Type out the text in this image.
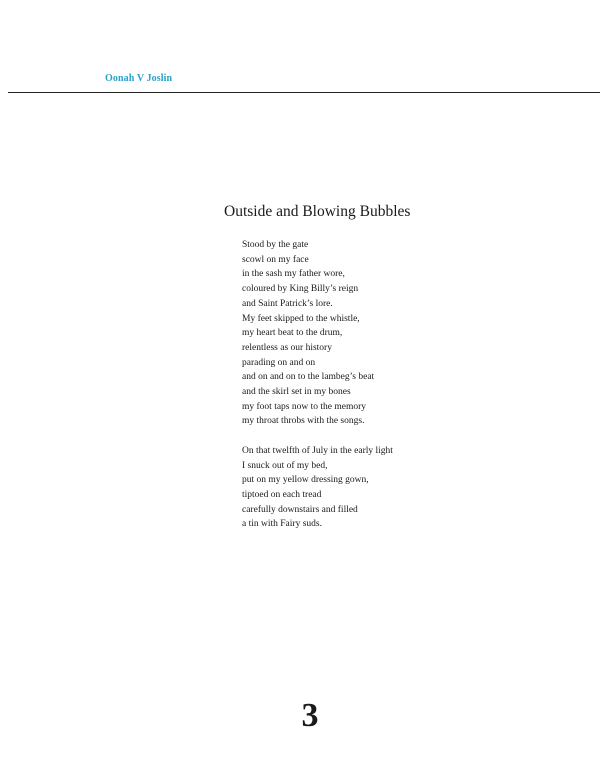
Oonah V Joslin
Outside and Blowing Bubbles
Stood by the gate
scowl on my face
in the sash my father wore,
coloured by King Billy’s reign
and Saint Patrick’s lore.
My feet skipped to the whistle,
my heart beat to the drum,
relentless as our history
parading on and on
and on and on to the lambeg’s beat
and the skirl set in my bones
my foot taps now to the memory
my throat throbs with the songs.
On that twelfth of July in the early light
I snuck out of my bed,
put on my yellow dressing gown,
tiptoed on each tread
carefully downstairs and filled
a tin with Fairy suds.
3
